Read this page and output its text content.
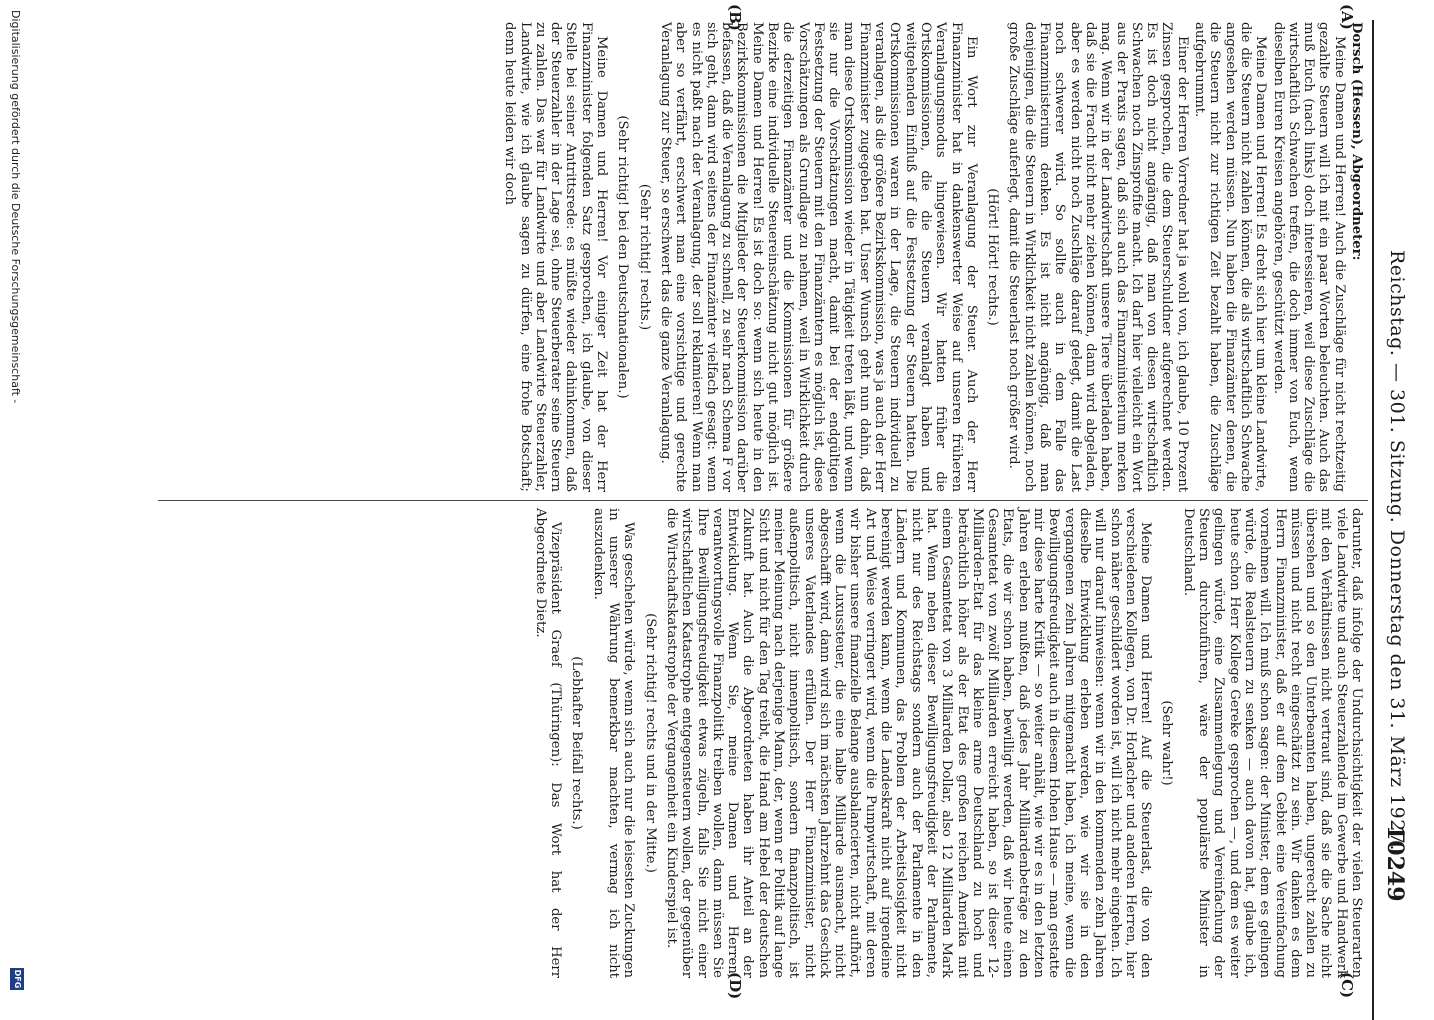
Reichstag. — 301. Sitzung. Donnerstag den 31. März 1927.
10249
(A)
(B)
(C)
(D)

Dorsch (Hessen), Abgeordneter:

Meine Damen und Herren! Auch die Zuschläge für nicht rechtzeitig gezahlte Steuern will ich mit ein paar Worten beleuchten. Auch das muß Euch (nach links) doch interessieren, weil diese Zuschläge die wirtschaftlich Schwachen treffen, die doch immer von Euch, wenn dieselben Euren Kreisen angehören, geschützt werden.

Meine Damen und Herren! Es dreht sich hier um kleine Landwirte, die die Steuern nicht zahlen können, die als wirtschaftlich Schwache angesehen werden müssen. Nun haben die Finanzämter denen, die die Steuern nicht zur richtigen Zeit bezahlt haben, die Zuschläge aufgebrummt.

Einer der Herren Vorredner hat ja wohl von, ich glaube, 10 Prozent Zinsen gesprochen, die dem Steuerschuldner aufgerechnet werden. Es ist doch nicht angängig, daß man von diesen wirtschaftlich Schwachen noch Zinsprofite macht. Ich darf hier vielleicht ein Wort aus der Praxis sagen, daß sich auch das Finanzministerium merken mag. Wenn wir in der Landwirtschaft unsere Tiere überladen haben, daß sie die Fracht nicht mehr ziehen können, dann wird abgeladen, aber es werden nicht noch Zuschläge darauf gelegt, damit die Last noch schwerer wird. So sollte auch in dem Falle das Finanzministerium denken. Es ist nicht angängig, daß man denjenigen, die die Steuern in Wirklichkeit nicht zahlen können, noch große Zuschläge auferlegt, damit die Steuerlast noch größer wird.

(Hört! Hört! rechts.)

Ein Wort zur Veranlagung der Steuer. Auch der Herr Finanzminister hat in dankenswerter Weise auf unseren früheren Veranlagungsmodus hingewiesen. Wir hatten früher die Ortskommissionen, die die Steuern veranlagt haben und weitgehenden Einfluß auf die Festsetzung der Steuern hatten. Die Ortskommissionen waren in der Lage, die Steuern individuell zu veranlagen, als die größere Bezirkskommission, was ja auch der Herr Finanzminister zugegeben hat. Unser Wunsch geht nun dahin, daß man diese Ortskommission wieder in Tätigkeit treten läßt, und wenn sie nur die Vorschätzungen macht, damit bei der endgültigen Festsetzung der Steuern mit den Finanzämtern es möglich ist, diese Vorschätzungen als Grundlage zu nehmen, weil in Wirklichkeit durch die derzeitigen Finanzämter und die Kommissionen für größere Bezirke eine individuelle Steuereinschätzung nicht gut möglich ist. Meine Damen und Herren! Es ist doch so: wenn sich heute in den Bezirkskommissionen die Mitglieder der Steuerkommission darüber befassen, daß die Veranlagung zu schnell, zu sehr nach Schema F vor sich geht, dann wird seitens der Finanzämter vielfach gesagt: wenn es nicht paßt nach der Veranlagung, der soll reklamieren! Wenn man aber so verfährt, erschwert man eine vorsichtige und gerechte Veranlagung zur Steuer, so erschwert das die ganze Veranlagung.

(Sehr richtig! rechts.)

(Sehr richtig! bei den Deutschnationalen.)

Meine Damen und Herren! Vor einiger Zeit hat der Herr Finanzminister folgenden Satz gesprochen, ich glaube, von dieser Stelle bei seiner Antrittsrede: es müßte wieder dahinkommen, daß der Steuerzahler in der Lage sei, ohne Steuerberater seine Steuern zu zahlen. Das war für Landwirte und aber Landwirte Steuerzahler, Landwirte, wie ich glaube sagen zu dürfen, eine frohe Botschaft; denn heute leiden wir doch

darunter, daß infolge der Undurchsichtigkeit der vielen Steuerarten viele Landwirte und auch Steuerzahlende im Gewerbe und Handwerk mit den Verhältnissen nicht vertraut sind, daß sie die Sache nicht übersehen und so den Unterbeamten haben, ungerecht zahlen zu müssen und nicht recht eingeschätzt zu sein. Wir danken es dem Herrn Finanzminister, daß er auf dem Gebiet eine Vereinfachung vornehmen will. Ich muß schon sagen: der Minister, dem es gelingen würde, die Realsteuern zu senken — auch davon hat, glaube ich, heute schon Herr Kollege Gereke gesprochen —, und dem es weiter gelingen würde, eine Zusammenlegung und Vereinfachung der Steuern durchzuführen, wäre der populärste Minister in Deutschland.

(Sehr wahr!)

Meine Damen und Herren! Auf die Steuerlast, die von den verschiedenen Kollegen, von Dr. Horlacher und anderen Herren, hier schon näher geschildert worden ist, will ich nicht mehr eingehen. Ich will nur darauf hinweisen: wenn wir in den kommenden zehn Jahren dieselbe Entwicklung erleben werden, wie wir sie in den vergangenen zehn Jahren mitgemacht haben, ich meine, wenn die Bewilligungsfreudigkeit auch in diesem Hohen Hause — man gestatte mir diese harte Kritik — so weiter anhält, wie wir es in den letzten Jahren erleben mußten, daß jedes Jahr Milliardenbeträge zu den Etats, die wir schon haben, bewilligt werden, daß wir heute einen Gesamtetat von zwölf Milliarden erreicht haben, so ist dieser 12-Milliarden-Etat für das kleine arme Deutschland zu hoch und beträchtlich höher als der Etat des großen reichen Amerika mit einem Gesamtetat von 3 Milliarden Dollar, also 12 Milliarden Mark hat. Wenn neben dieser Bewilligungsfreudigkeit der Parlamente, nicht nur des Reichstags sondern auch der Parlamente in den Ländern und Kommunen, das Problem der Arbeitslosigkeit nicht bereinigt werden kann, wenn die Landeskraft nicht auf irgendeine Art und Weise verringert wird, wenn die Pumpwirtschaft, mit deren wir bisher unsere finanzielle Belange ausbalancierten, nicht aufhört, wenn die Luxussteuer, die eine halbe Milliarde ausmacht, nicht abgeschafft wird, dann wird sich im nächsten Jahrzehnt das Geschick unseres Vaterlandes erfüllen. Der Herr Finanzminister, nicht außenpolitisch, nicht innenpolitisch, sondern finanzpolitisch, ist meiner Meinung nach derjenige Mann, der, wenn er Politik auf lange Sicht und nicht für den Tag treibt, die Hand am Hebel der deutschen Zukunft hat. Auch die Abgeordneten haben ihr Anteil an der Entwicklung. Wenn Sie, meine Damen und Herren, verantwortungsvolle Finanzpolitik treiben wollen, dann müssen Sie Ihre Bewilligungsfreudigkeit etwas zügeln, falls Sie nicht einer wirtschaftlichen Katastrophe entgegensteuern wollen, der gegenüber die Wirtschaftskatastrophe der Vergangenheit ein Kinderspiel ist.

(Sehr richtig! rechts und in der Mitte.)

Was geschehen würde, wenn sich auch nur die leisesten Zuckungen in unserer Währung bemerkbar machten, vermag ich nicht auszudenken.

(Lebhafter Beifall rechts.)

Vizepräsident Graef (Thüringen): Das Wort hat der Herr Abgeordnete Dietz.

Digitalisierung gefördert durch die Deutsche Forschungsgemeinschaft -
DFG
